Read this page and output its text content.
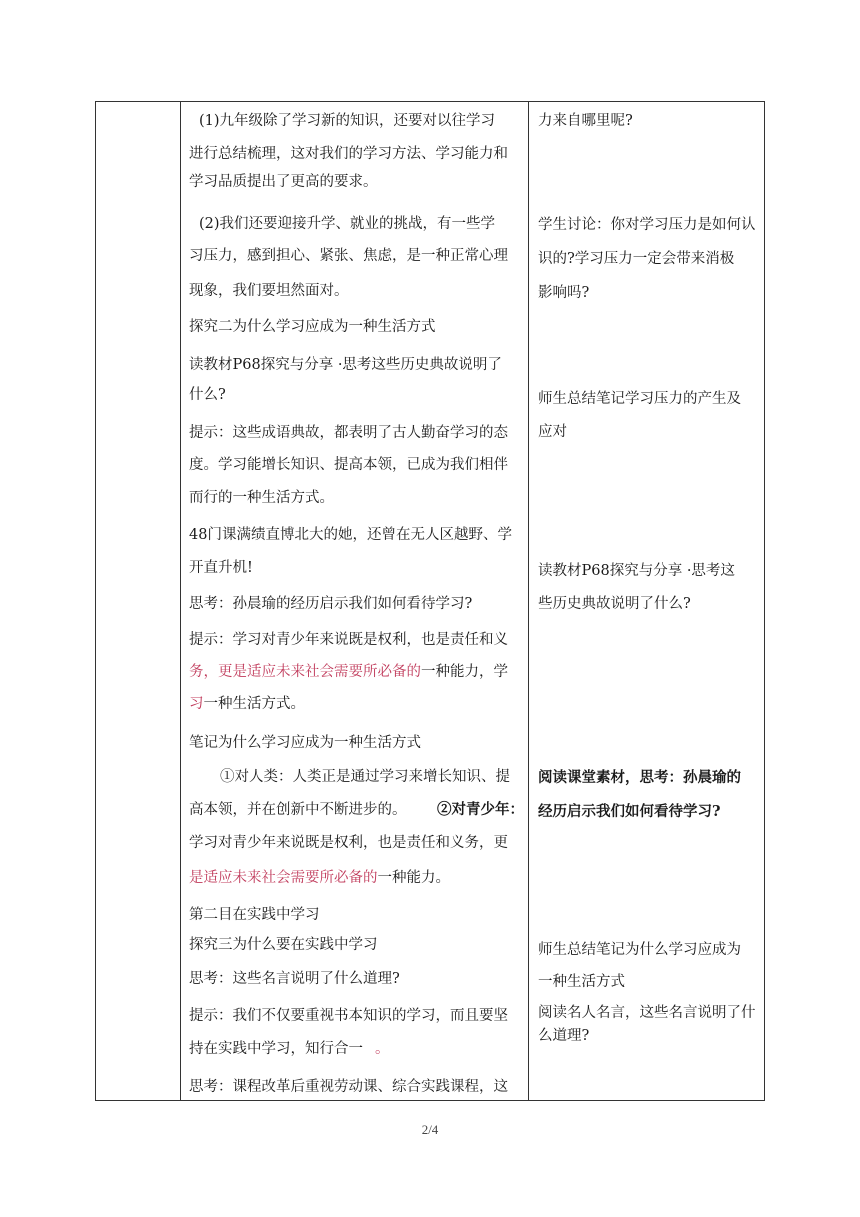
(1)九年级除了学习新的知识，还要对以往学习
进行总结梳理，这对我们的学习方法、学习能力和
学习品质提出了更高的要求。
(2)我们还要迎接升学、就业的挑战，有一些学
习压力，感到担心、紧张、焦虑，是一种正常心理
现象，我们要坦然面对。
探究二为什么学习应成为一种生活方式
读教材P68探究与分享 ·思考这些历史典故说明了
什么?
提示：这些成语典故，都表明了古人勤奋学习的态
度。学习能增长知识、提高本领，已成为我们相伴
而行的一种生活方式。
48门课满绩直博北大的她，还曾在无人区越野、学
开直升机!
思考：孙晨瑜的经历启示我们如何看待学习?
提示：学习对青少年来说既是权利，也是责任和义
务，更是适应未来社会需要所必备的一种能力，学
习一种生活方式。
笔记为什么学习应成为一种生活方式
①对人类：人类正是通过学习来增长知识、提
高本领，并在创新中不断进步的。 ②对青少年：
学习对青少年来说既是权利，也是责任和义务，更
是适应未来社会需要所必备的一种能力。
第二目在实践中学习
探究三为什么要在实践中学习
思考：这些名言说明了什么道理?
提示：我们不仅要重视书本知识的学习，而且要坚
持在实践中学习，知行合一 。
思考：课程改革后重视劳动课、综合实践课程，这
力来自哪里呢?
学生讨论：你对学习压力是如何认
识的?学习压力一定会带来消极
影响吗?
师生总结笔记学习压力的产生及
应对
读教材P68探究与分享 ·思考这
些历史典故说明了什么?
阅读课堂素材，思考：孙晨瑜的
经历启示我们如何看待学习?
师生总结笔记为什么学习应成为
一种生活方式
阅读名人名言，这些名言说明了什
么道理?
2/4
